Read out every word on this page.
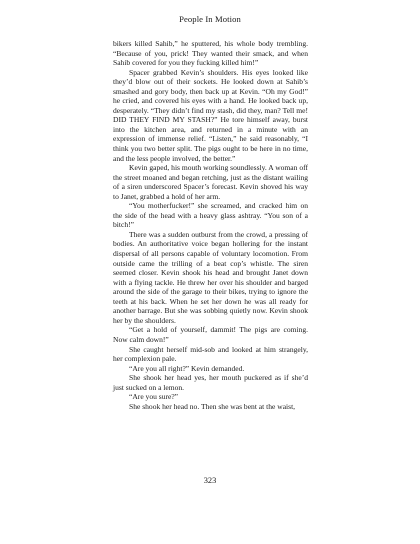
People In Motion

bikers killed Sahib,” he sputtered, his whole body trembling. “Because of you, prick! They wanted their smack, and when Sahib covered for you they fucking killed him!”

Spacer grabbed Kevin’s shoulders. His eyes looked like they’d blow out of their sockets. He looked down at Sahib’s smashed and gory body, then back up at Kevin. “Oh my God!” he cried, and covered his eyes with a hand. He looked back up, desperately. “They didn’t find my stash, did they, man? Tell me! DID THEY FIND MY STASH?” He tore himself away, burst into the kitchen area, and returned in a minute with an expression of immense relief. “Listen,” he said reasonably, “I think you two better split. The pigs ought to be here in no time, and the less people involved, the better.”

Kevin gaped, his mouth working soundlessly. A woman off the street moaned and began retching, just as the distant wailing of a siren underscored Spacer’s forecast. Kevin shoved his way to Janet, grabbed a hold of her arm.

“You motherfucker!” she screamed, and cracked him on the side of the head with a heavy glass ashtray. “You son of a bitch!”

There was a sudden outburst from the crowd, a pressing of bodies. An authoritative voice began hollering for the instant dispersal of all persons capable of voluntary locomotion. From outside came the trilling of a beat cop’s whistle. The siren seemed closer. Kevin shook his head and brought Janet down with a flying tackle. He threw her over his shoulder and barged around the side of the garage to their bikes, trying to ignore the teeth at his back. When he set her down he was all ready for another barrage. But she was sobbing quietly now. Kevin shook her by the shoulders.

“Get a hold of yourself, dammit! The pigs are coming. Now calm down!”

She caught herself mid-sob and looked at him strangely, her complexion pale.

“Are you all right?” Kevin demanded.

She shook her head yes, her mouth puckered as if she’d just sucked on a lemon.

“Are you sure?”

She shook her head no. Then she was bent at the waist,

323
